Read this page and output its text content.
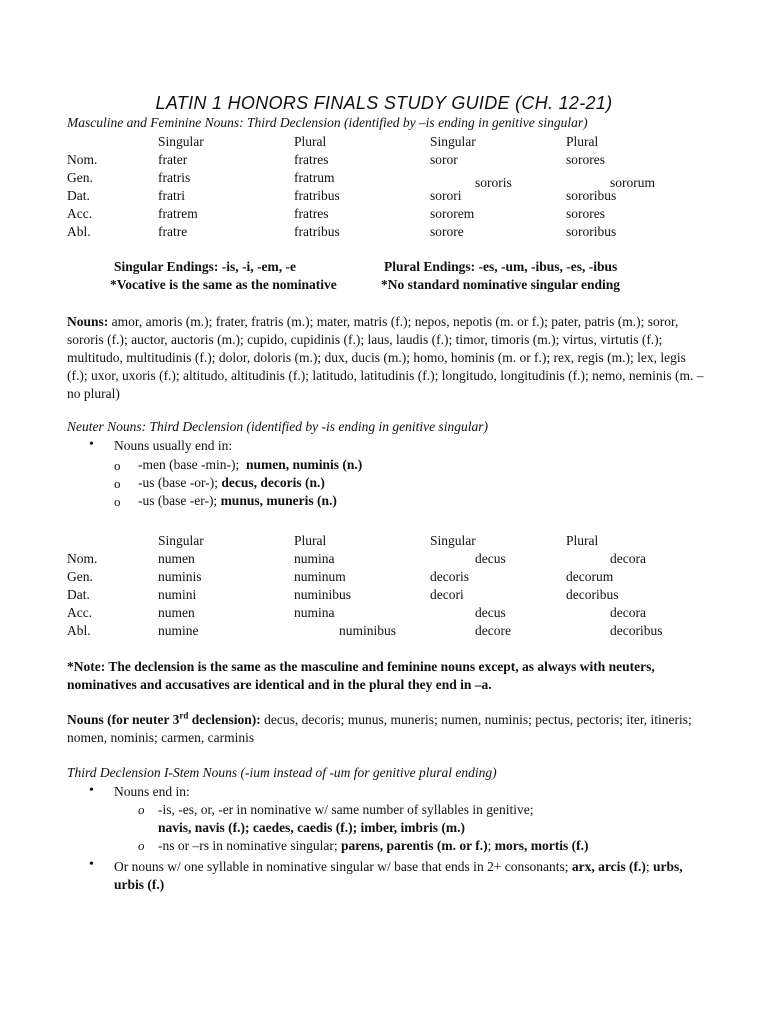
LATIN 1 HONORS FINALS STUDY GUIDE (CH. 12-21)
Masculine and Feminine Nouns: Third Declension (identified by –is ending in genitive singular)
Singular	Plural	Singular	Plural
Nom.	frater	fratres	soror	sorores
Gen.	fratris	fratrum	sororis	sororum
Dat.	fratri	fratribus	sorori	sororibus
Acc.	fratrem	fratres	sororem	sorores
Abl.	fratre	fratribus	sorore	sororibus
Singular Endings: -is, -i, -em, -e	Plural Endings: -es, -um, -ibus, -es, -ibus
*Vocative is the same as the nominative	*No standard nominative singular ending
Nouns: amor, amoris (m.); frater, fratris (m.); mater, matris (f.); nepos, nepotis (m. or f.); pater, patris (m.); soror, sororis (f.); auctor, auctoris (m.); cupido, cupidinis (f.); laus, laudis (f.); timor, timoris (m.); virtus, virtutis (f.); multitudo, multitudinis (f.); dolor, doloris (m.); dux, ducis (m.); homo, hominis (m. or f.); rex, regis (m.); lex, legis (f.); uxor, uxoris (f.); altitudo, altitudinis (f.); latitudo, latitudinis (f.); longitudo, longitudinis (f.); nemo, neminis (m. – no plural)
Neuter Nouns: Third Declension (identified by -is ending in genitive singular)
• Nouns usually end in:
o -men (base -min-); numen, numinis (n.)
o -us (base -or-); decus, decoris (n.)
o -us (base -er-); munus, muneris (n.)
Singular	Plural	Singular	Plural
Nom.	numen	numina	decus	decora
Gen.	numinis	numinum	decoris	decorum
Dat.	numini	numinibus	decori	decoribus
Acc.	numen	numina	decus	decora
Abl.	numine	numinibus	decore	decoribus
*Note: The declension is the same as the masculine and feminine nouns except, as always with neuters, nominatives and accusatives are identical and in the plural they end in –a.
Nouns (for neuter 3rd declension): decus, decoris; munus, muneris; numen, numinis; pectus, pectoris; iter, itineris; nomen, nominis; carmen, carminis
Third Declension I-Stem Nouns (-ium instead of -um for genitive plural ending)
• Nouns end in:
o -is, -es, or, -er in nominative w/ same number of syllables in genitive;
navis, navis (f.); caedes, caedis (f.); imber, imbris (m.)
o -ns or –rs in nominative singular; parens, parentis (m. or f.); mors, mortis (f.)
• Or nouns w/ one syllable in nominative singular w/ base that ends in 2+ consonants; arx, arcis (f.); urbs, urbis (f.)
